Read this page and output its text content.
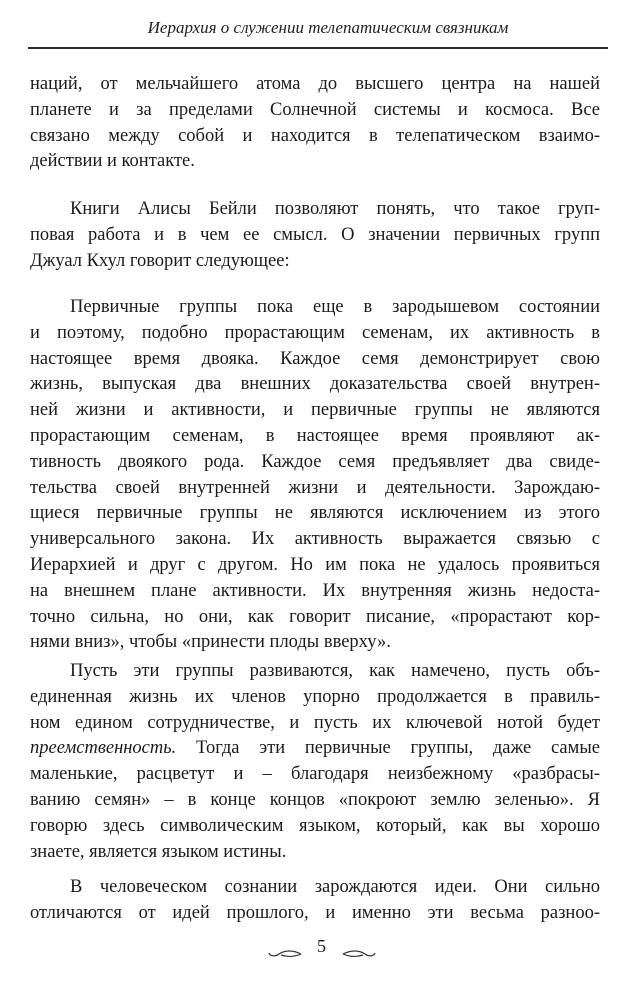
Иерархия о служении телепатическим связникам
наций, от мельчайшего атома до высшего центра на нашей
планете и за пределами Солнечной системы и космоса. Все
связано между собой и находится в телепатическом взаимо-
действии и контакте.
Книги Алисы Бейли позволяют понять, что такое груп-
повая работа и в чем ее смысл. О значении первичных групп
Джуал Кхул говорит следующее:
Первичные группы пока еще в зародышевом состоянии
и поэтому, подобно прорастающим семенам, их активность в
настоящее время двояка. Каждое семя демонстрирует свою
жизнь, выпуская два внешних доказательства своей внутрен-
ней жизни и активности, и первичные группы не являются
прорастающим семенам, в настоящее время проявляют ак-
тивность двоякого рода. Каждое семя предъявляет два свиде-
тельства своей внутренней жизни и деятельности. Зарождаю-
щиеся первичные группы не являются исключением из этого
универсального закона. Их активность выражается связью с
Иерархией и друг с другом. Но им пока не удалось проявиться
на внешнем плане активности. Их внутренняя жизнь недоста-
точно сильна, но они, как говорит писание, «прорастают кор-
нями вниз», чтобы «принести плоды вверху».
Пусть эти группы развиваются, как намечено, пусть объ-
единенная жизнь их членов упорно продолжается в правиль-
ном едином сотрудничестве, и пусть их ключевой нотой будет
преемственность. Тогда эти первичные группы, даже самые
маленькие, расцветут и – благодаря неизбежному «разбрасы-
ванию семян» – в конце концов «покроют землю зеленью». Я
говорю здесь символическим языком, который, как вы хорошо
знаете, является языком истины.
В человеческом сознании зарождаются идеи. Они сильно
отличаются от идей прошлого, и именно эти весьма разноо-
5
